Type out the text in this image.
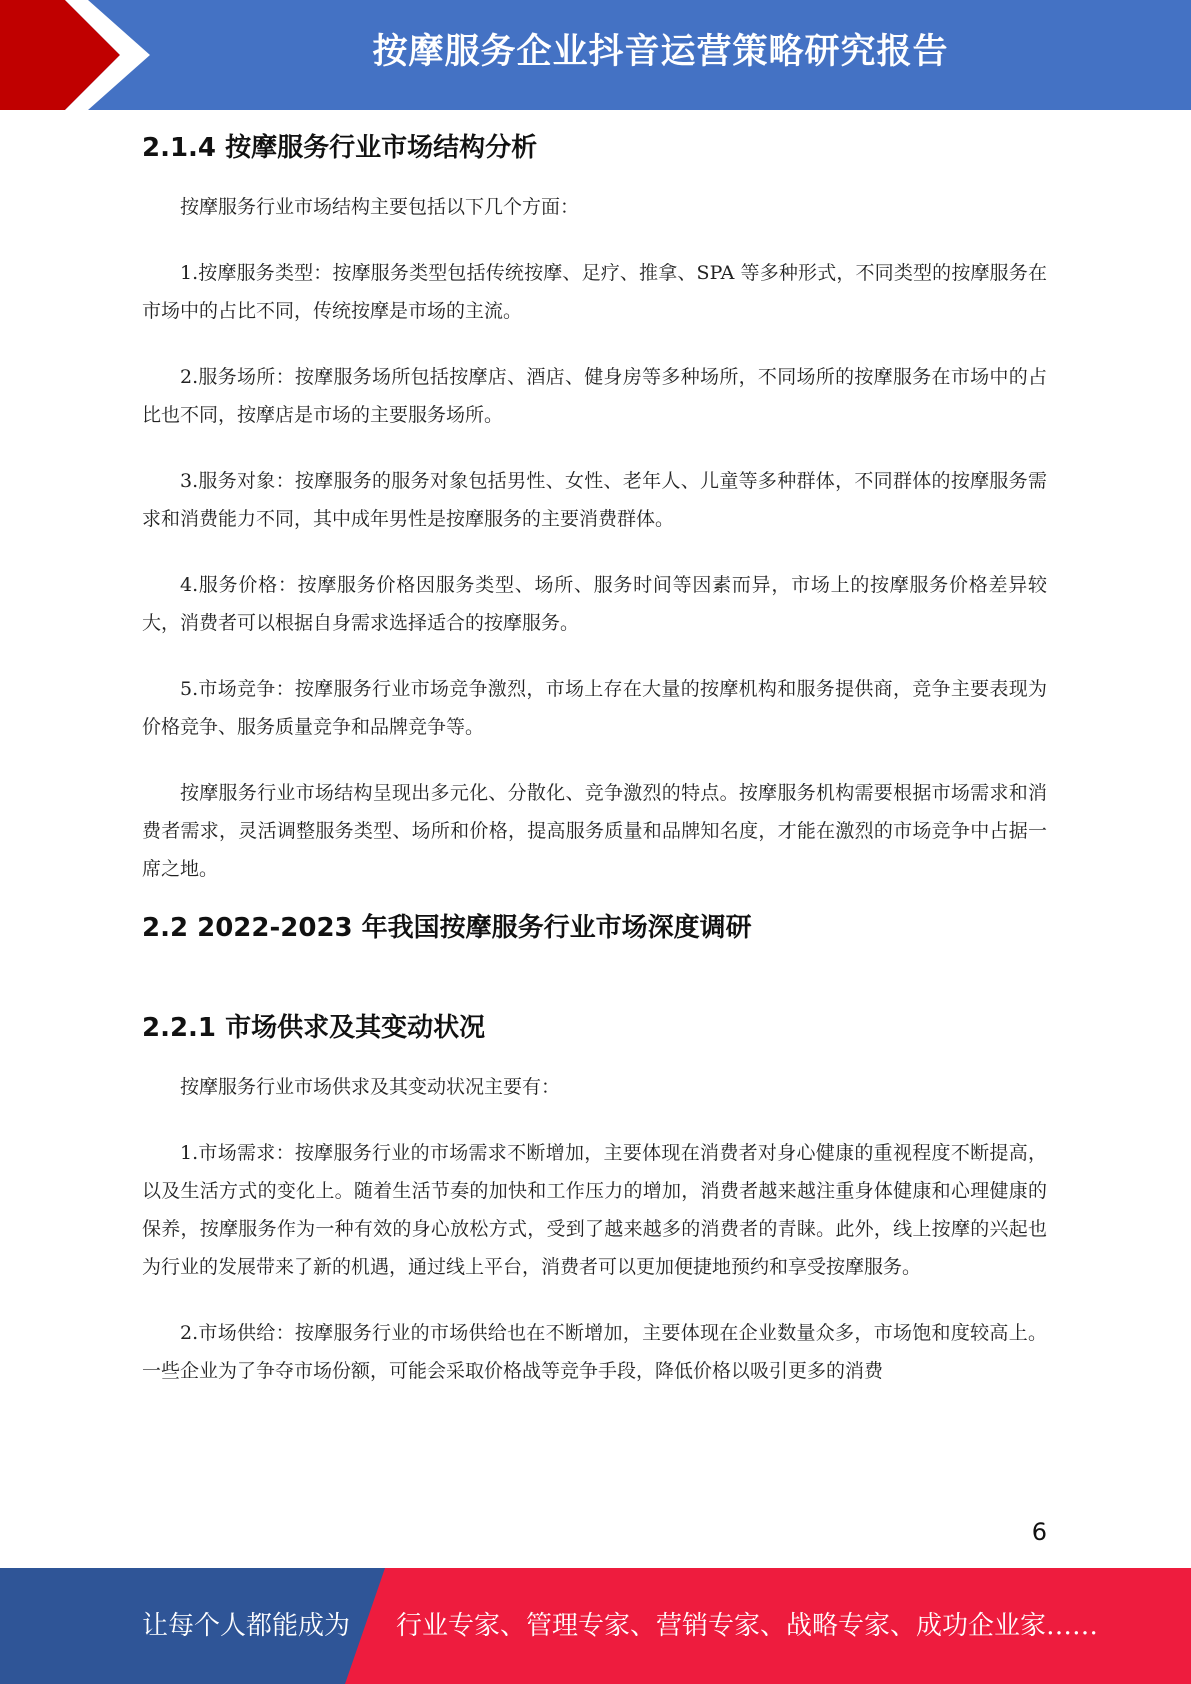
按摩服务企业抖音运营策略研究报告
2.1.4 按摩服务行业市场结构分析

按摩服务行业市场结构主要包括以下几个方面：

1.按摩服务类型：按摩服务类型包括传统按摩、足疗、推拿、SPA 等多种形式，不同类型的按摩服务在市场中的占比不同，传统按摩是市场的主流。

2.服务场所：按摩服务场所包括按摩店、酒店、健身房等多种场所，不同场所的按摩服务在市场中的占比也不同，按摩店是市场的主要服务场所。

3.服务对象：按摩服务的服务对象包括男性、女性、老年人、儿童等多种群体，不同群体的按摩服务需求和消费能力不同，其中成年男性是按摩服务的主要消费群体。

4.服务价格：按摩服务价格因服务类型、场所、服务时间等因素而异，市场上的按摩服务价格差异较大，消费者可以根据自身需求选择适合的按摩服务。

5.市场竞争：按摩服务行业市场竞争激烈，市场上存在大量的按摩机构和服务提供商，竞争主要表现为价格竞争、服务质量竞争和品牌竞争等。

按摩服务行业市场结构呈现出多元化、分散化、竞争激烈的特点。按摩服务机构需要根据市场需求和消费者需求，灵活调整服务类型、场所和价格，提高服务质量和品牌知名度，才能在激烈的市场竞争中占据一席之地。

2.2 2022-2023 年我国按摩服务行业市场深度调研
2.2.1 市场供求及其变动状况

按摩服务行业市场供求及其变动状况主要有：

1.市场需求：按摩服务行业的市场需求不断增加，主要体现在消费者对身心健康的重视程度不断提高，以及生活方式的变化上。随着生活节奏的加快和工作压力的增加，消费者越来越注重身体健康和心理健康的保养，按摩服务作为一种有效的身心放松方式，受到了越来越多的消费者的青睐。此外，线上按摩的兴起也为行业的发展带来了新的机遇，通过线上平台，消费者可以更加便捷地预约和享受按摩服务。

2.市场供给：按摩服务行业的市场供给也在不断增加，主要体现在企业数量众多，市场饱和度较高上。一些企业为了争夺市场份额，可能会采取价格战等竞争手段，降低价格以吸引更多的消费

6
让每个人都能成为 行业专家、管理专家、营销专家、战略专家、成功企业家……
